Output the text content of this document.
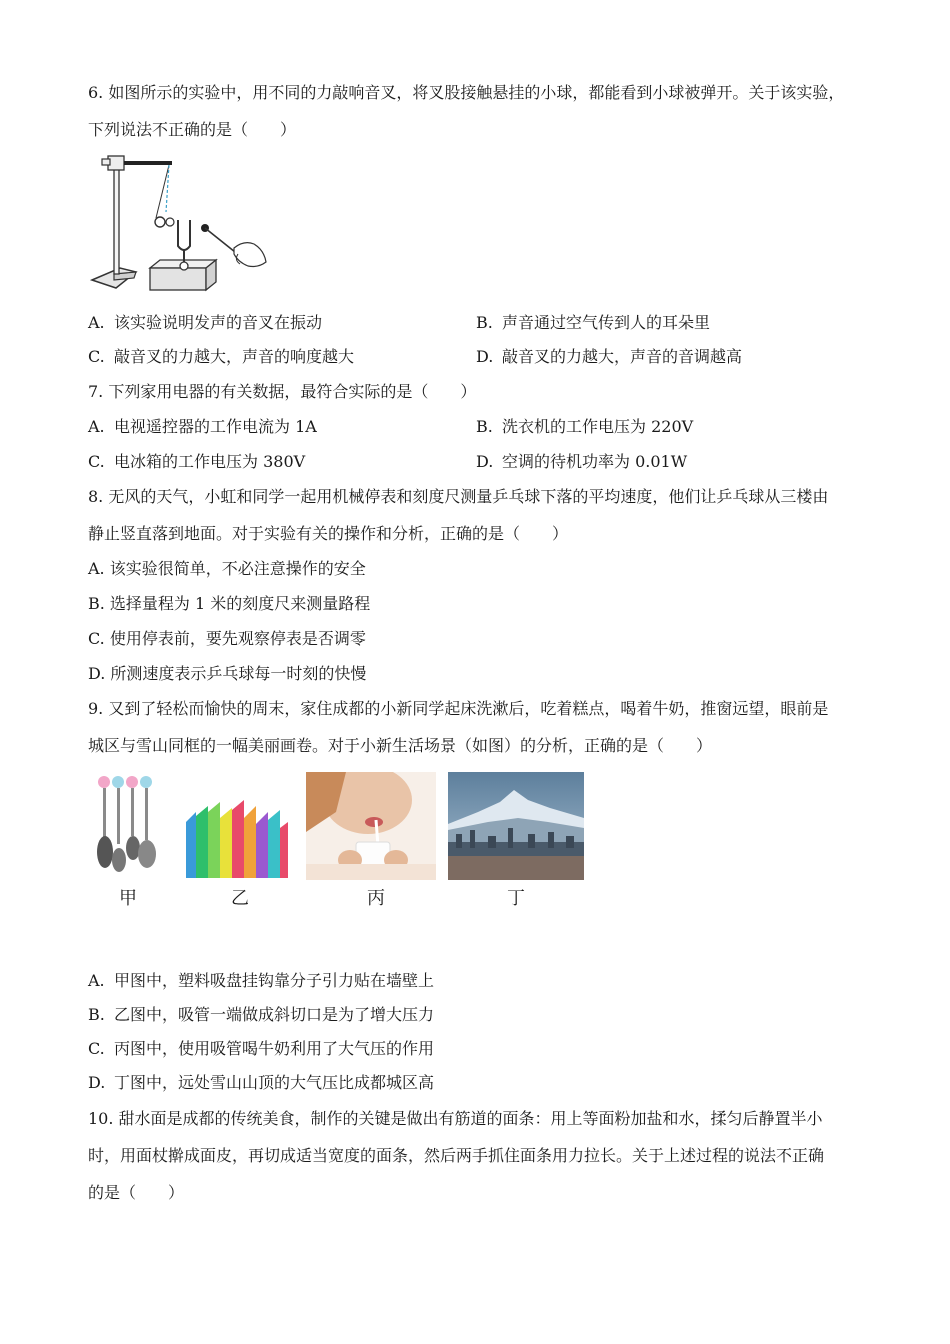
6. 如图所示的实验中，用不同的力敲响音叉，将叉股接触悬挂的小球，都能看到小球被弹开。关于该实验，

下列说法不正确的是（　　）

A. 该实验说明发声的音叉在振动	B. 声音通过空气传到人的耳朵里
C. 敲音叉的力越大，声音的响度越大	D. 敲音叉的力越大，声音的音调越高
7. 下列家用电器的有关数据，最符合实际的是（　　）
A. 电视遥控器的工作电流为 1A	B. 洗衣机的工作电压为 220V
C. 电冰箱的工作电压为 380V	D. 空调的待机功率为 0.01W

8. 无风的天气，小虹和同学一起用机械停表和刻度尺测量乒乓球下落的平均速度，他们让乒乓球从三楼由

静止竖直落到地面。对于实验有关的操作和分析，正确的是（　　）

A. 该实验很简单，不必注意操作的安全
B. 选择量程为 1 米的刻度尺来测量路程
C. 使用停表前，要先观察停表是否调零
D. 所测速度表示乒乓球每一时刻的快慢

9. 又到了轻松而愉快的周末，家住成都的小新同学起床洗漱后，吃着糕点，喝着牛奶，推窗远望，眼前是

城区与雪山同框的一幅美丽画卷。对于小新生活场景（如图）的分析，正确的是（　　）

甲	乙	丙	丁
A. 甲图中，塑料吸盘挂钩靠分子引力贴在墙壁上
B. 乙图中，吸管一端做成斜切口是为了增大压力
C. 丙图中，使用吸管喝牛奶利用了大气压的作用
D. 丁图中，远处雪山山顶的大气压比成都城区高

10. 甜水面是成都的传统美食，制作的关键是做出有筋道的面条：用上等面粉加盐和水，揉匀后静置半小

时，用面杖擀成面皮，再切成适当宽度的面条，然后两手抓住面条用力拉长。关于上述过程的说法不正确

的是（　　）
